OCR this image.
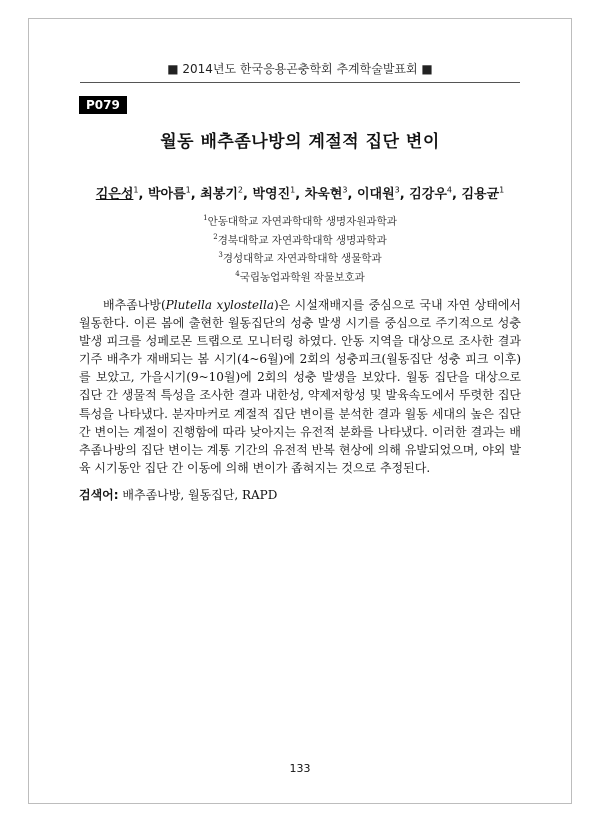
■ 2014년도 한국응용곤충학회 추계학술발표회 ■
P079
월동 배추좀나방의 계절적 집단 변이
김은성$^1$, 박아름$^1$, 최봉기$^2$, 박영진$^1$, 차욱현$^3$, 이대원$^3$, 김강우$^4$, 김용균$^1$
$^1$안동대학교 자연과학대학 생명자원과학과
$^2$경북대학교 자연과학대학 생명과학과
$^3$경성대학교 자연과학대학 생물학과
$^4$국립농업과학원 작물보호과

배추좀나방(Plutella xylostella)은 시설재배지를 중심으로 국내 자연 상태에서 월동한다. 이른 봄에 출현한 월동집단의 성충 발생 시기를 중심으로 주기적으로 성충 발생 피크를 성페로몬 트랩으로 모니터링 하였다. 안동 지역을 대상으로 조사한 결과 기주 배추가 재배되는 봄 시기(4~6월)에 2회의 성충피크(월동집단 성충 피크 이후)를 보았고, 가을시기(9~10월)에 2회의 성충 발생을 보았다. 월동 집단을 대상으로 집단 간 생물적 특성을 조사한 결과 내한성, 약제저항성 및 발육속도에서 뚜렷한 집단 특성을 나타냈다. 분자마커로 계절적 집단 변이를 분석한 결과 월동 세대의 높은 집단 간 변이는 계절이 진행함에 따라 낮아지는 유전적 분화를 나타냈다. 이러한 결과는 배추좀나방의 집단 변이는 계통 기간의 유전적 반복 현상에 의해 유발되었으며, 야외 발육 시기동안 집단 간 이동에 의해 변이가 좁혀지는 것으로 추정된다.

검색어: 배추좀나방, 월동집단, RAPD
133
